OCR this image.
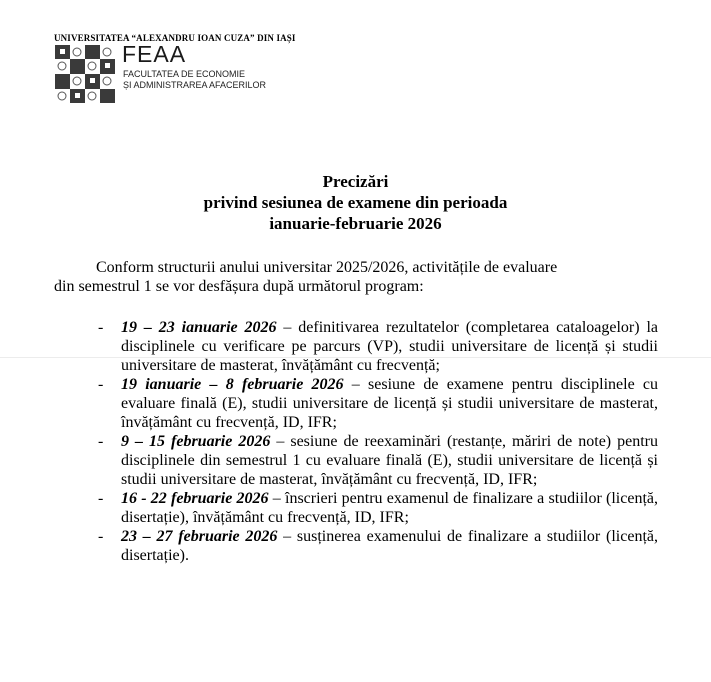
UNIVERSITATEA “ALEXANDRU IOAN CUZA” DIN IAȘI
FEAA
FACULTATEA DE ECONOMIE
ȘI ADMINISTRAREA AFACERILOR
Precizări
privind sesiunea de examene din perioada
ianuarie-februarie 2026
Conform structurii anului universitar 2025/2026, activitățile de evaluare
din semestrul 1 se vor desfășura după următorul program:
- 19 – 23 ianuarie 2026 – definitivarea rezultatelor (completarea cataloagelor) la disciplinele cu verificare pe parcurs (VP), studii universitare de licență și studii universitare de masterat, învățământ cu frecvență;
- 19 ianuarie – 8 februarie 2026 – sesiune de examene pentru disciplinele cu evaluare finală (E), studii universitare de licență și studii universitare de masterat, învățământ cu frecvență, ID, IFR;
- 9 – 15 februarie 2026 – sesiune de reexaminări (restanțe, măriri de note) pentru disciplinele din semestrul 1 cu evaluare finală (E), studii universitare de licență și studii universitare de masterat, învățământ cu frecvență, ID, IFR;
- 16 - 22 februarie 2026 – înscrieri pentru examenul de finalizare a studiilor (licență, disertație), învățământ cu frecvență, ID, IFR;
- 23 – 27 februarie 2026 – susținerea examenului de finalizare a studiilor (licență, disertație).
